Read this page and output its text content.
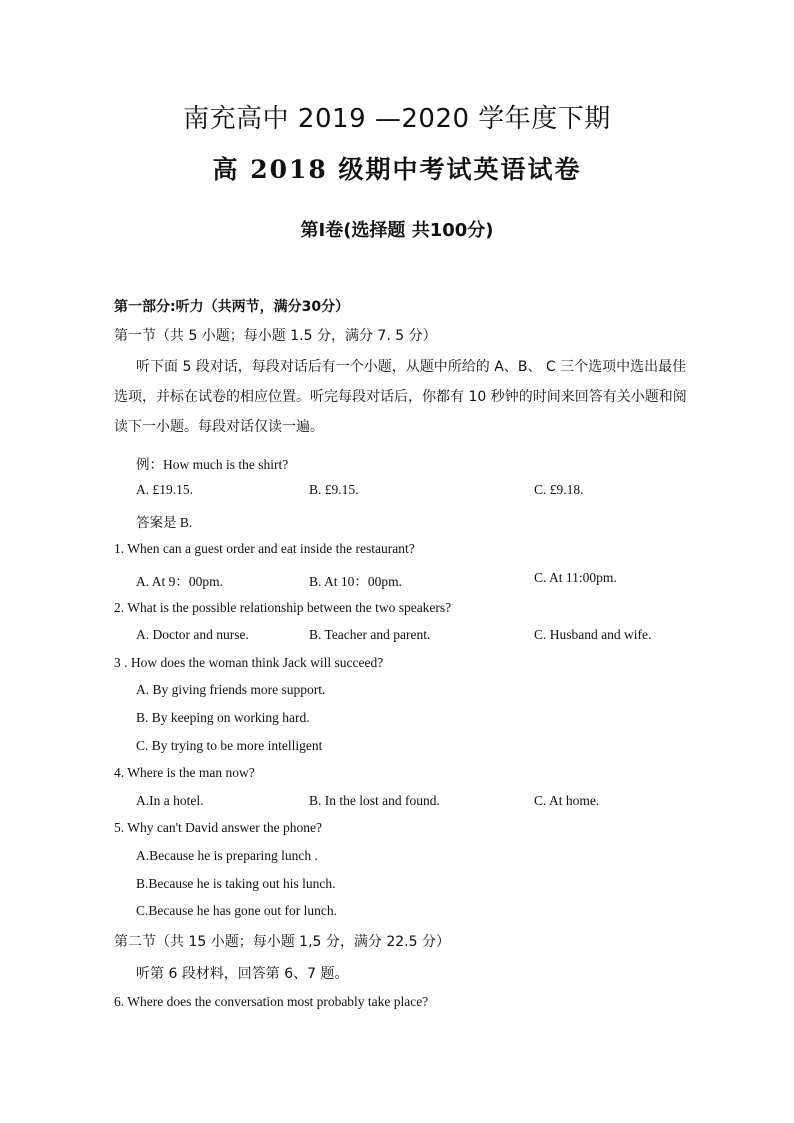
南充高中 2019 —2020 学年度下期
高 2018 级期中考试英语试卷
第I卷(选择题 共100分)
第一部分:听力（共两节，满分30分）
第一节（共 5 小题；每小题 1.5 分，满分 7. 5 分）
听下面 5 段对话，每段对话后有一个小题，从题中所给的 A、B、 C 三个选项中选出最佳选项，并标在试卷的相应位置。听完每段对话后，你都有 10 秒钟的时间来回答有关小题和阅读下一小题。每段对话仅读一遍。
例：How much is the shirt?
A. £19.15.	B. £9.15.	C. £9.18.
答案是 B.
1. When can a guest order and eat inside the restaurant?
A. At 9：00pm.	B. At 10：00pm.	C. At 11:00pm.
2. What is the possible relationship between the two speakers?
A. Doctor and nurse.	B. Teacher and parent.	C. Husband and wife.
3 . How does the woman think Jack will succeed?
A. By giving friends more support.
B. By keeping on working hard.
C. By trying to be more intelligent
4. Where is the man now?
A.In a hotel.	B. In the lost and found.	C. At home.
5. Why can't David answer the phone?
A.Because he is preparing lunch .
B.Because he is taking out his lunch.
C.Because he has gone out for lunch.
第二节（共 15 小题；每小题 1,5 分，满分 22.5 分）
听第 6 段材料，回答第 6、7 题。
6. Where does the conversation most probably take place?
